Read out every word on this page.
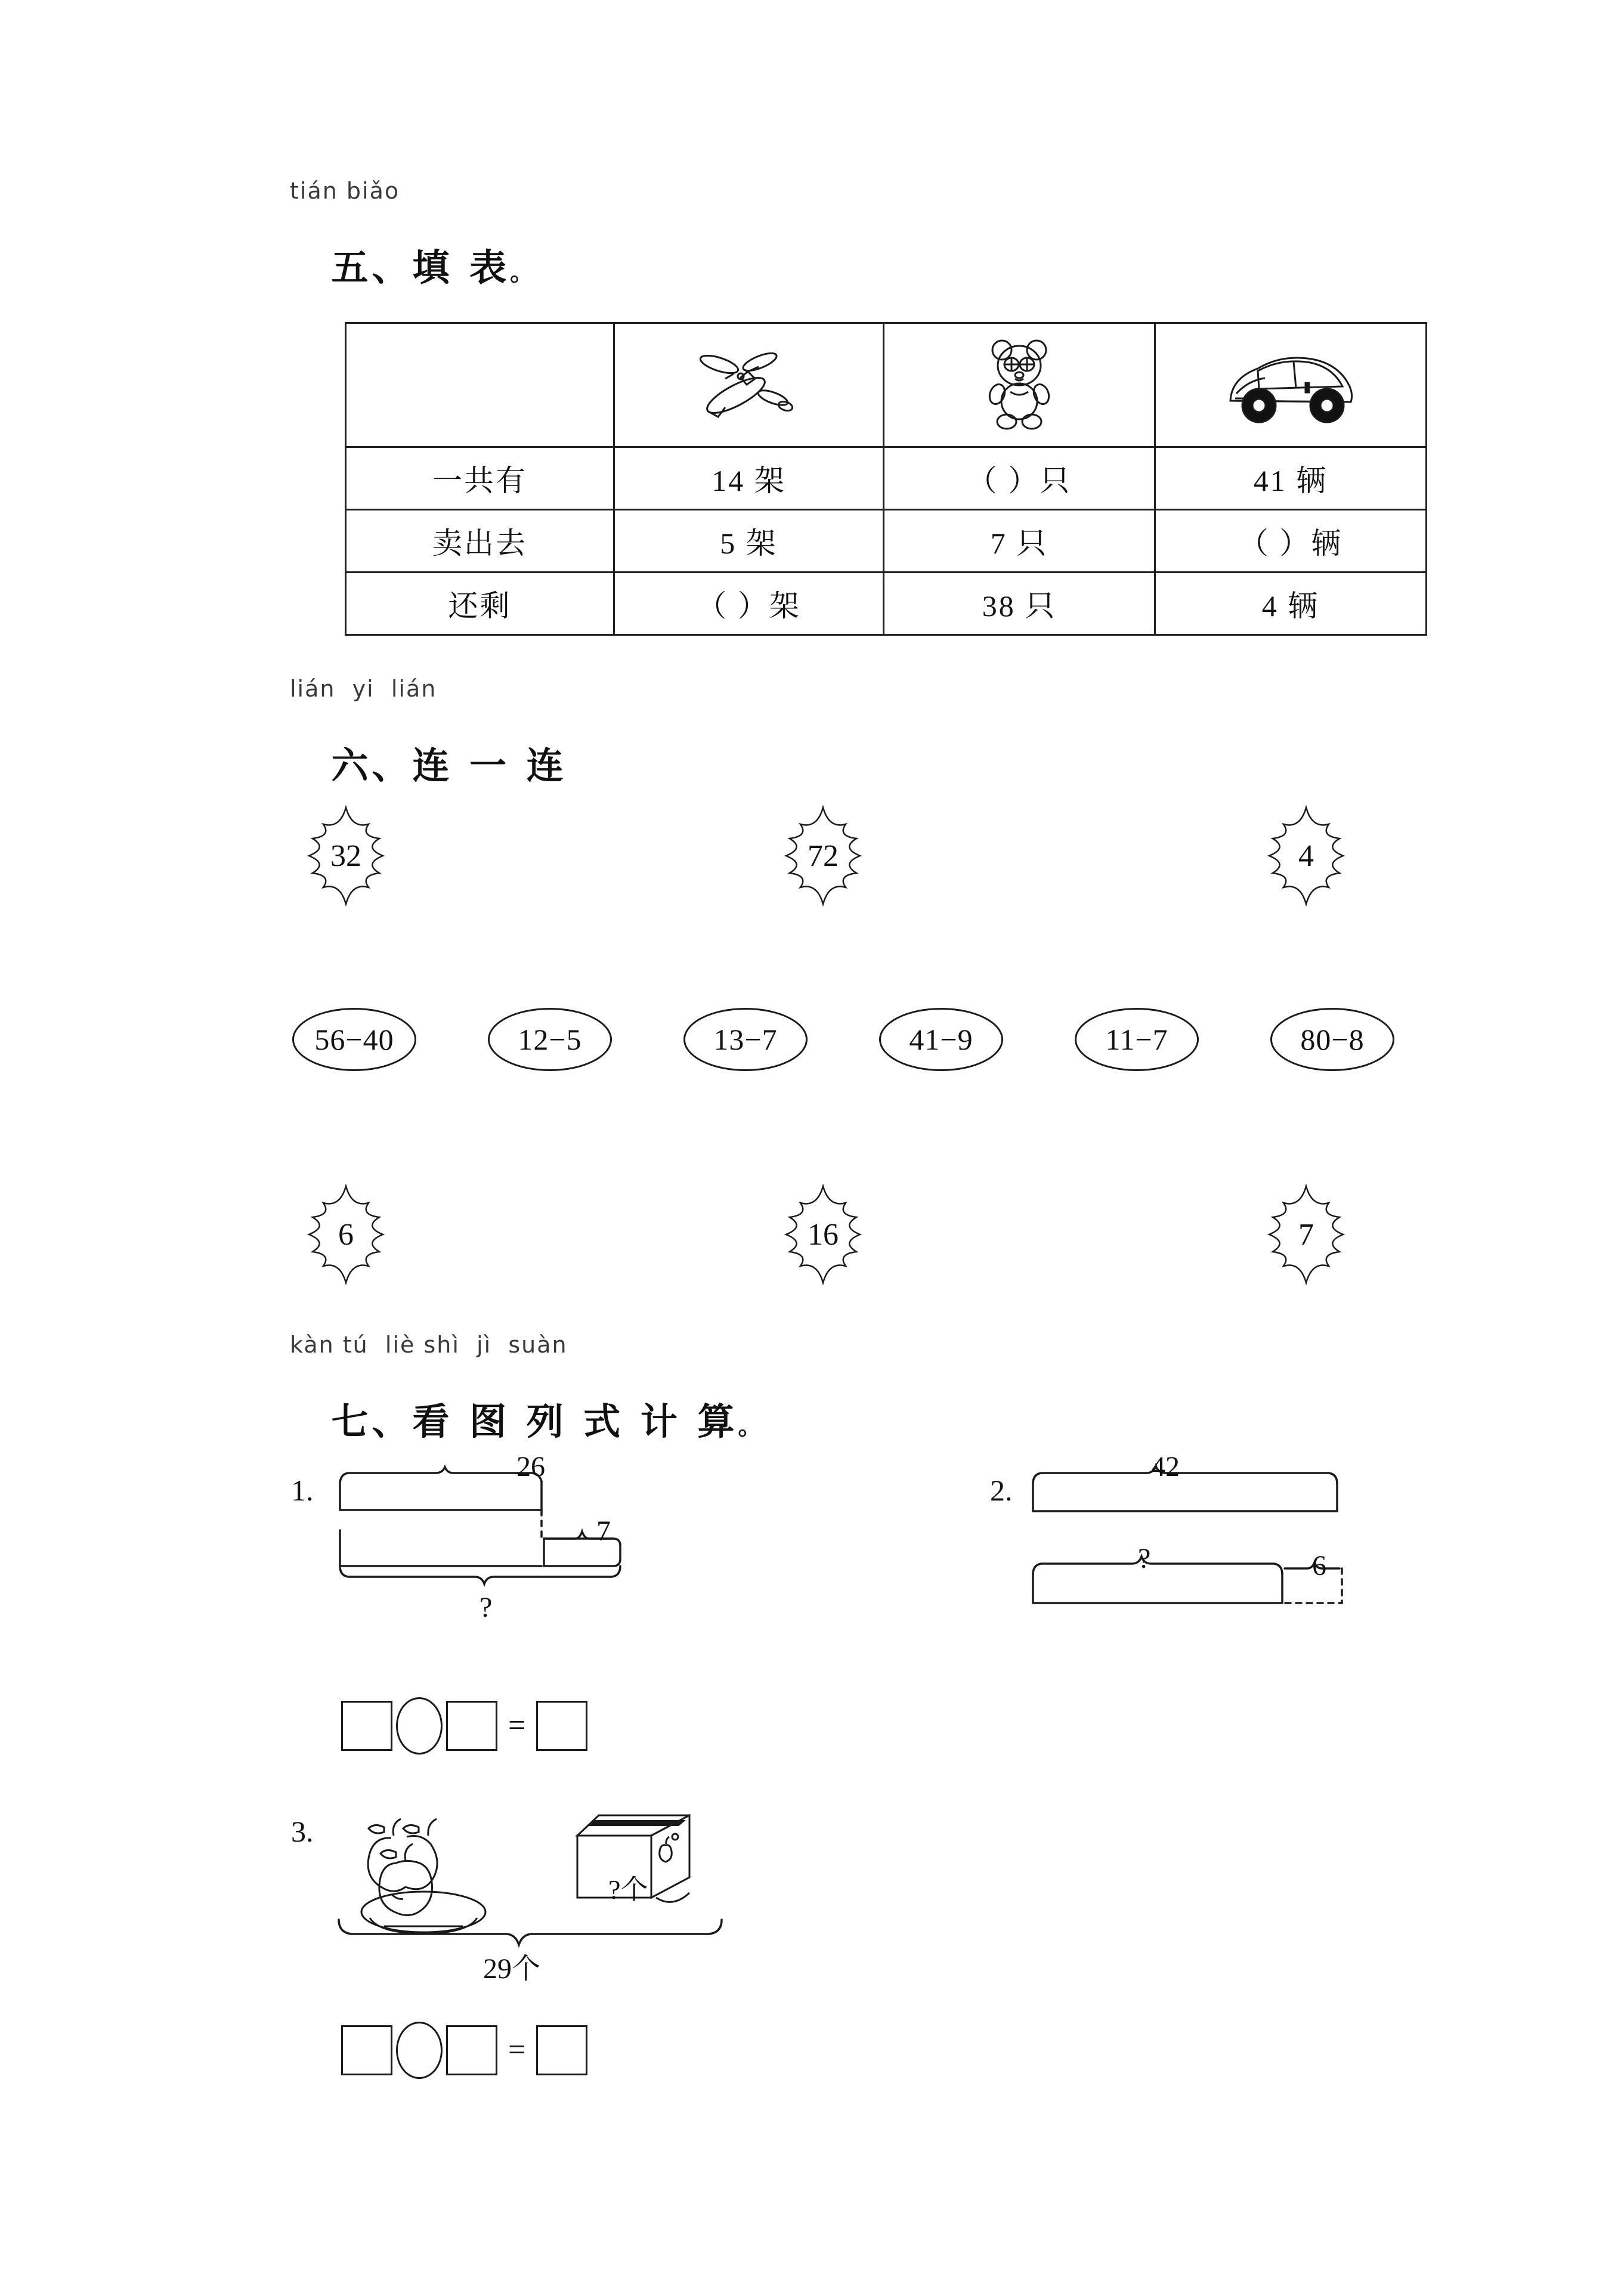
tián biǎo

五、填 表。

一共有	14 架	（ ）只	41 辆
卖出去	5 架	7 只	（ ）辆
还剩	（ ）架	38 只	4 辆
lián  yi  lián

六、连 一 连

32	72	4
56−40	12−5	13−7	41−9	11−7	80−8
6	16	7
kàn tú  liè shì  jì  suàn

七、看 图 列 式 计 算。

1.
26
7
?
2.
42
?	6
=
3.
?个
29个
=
